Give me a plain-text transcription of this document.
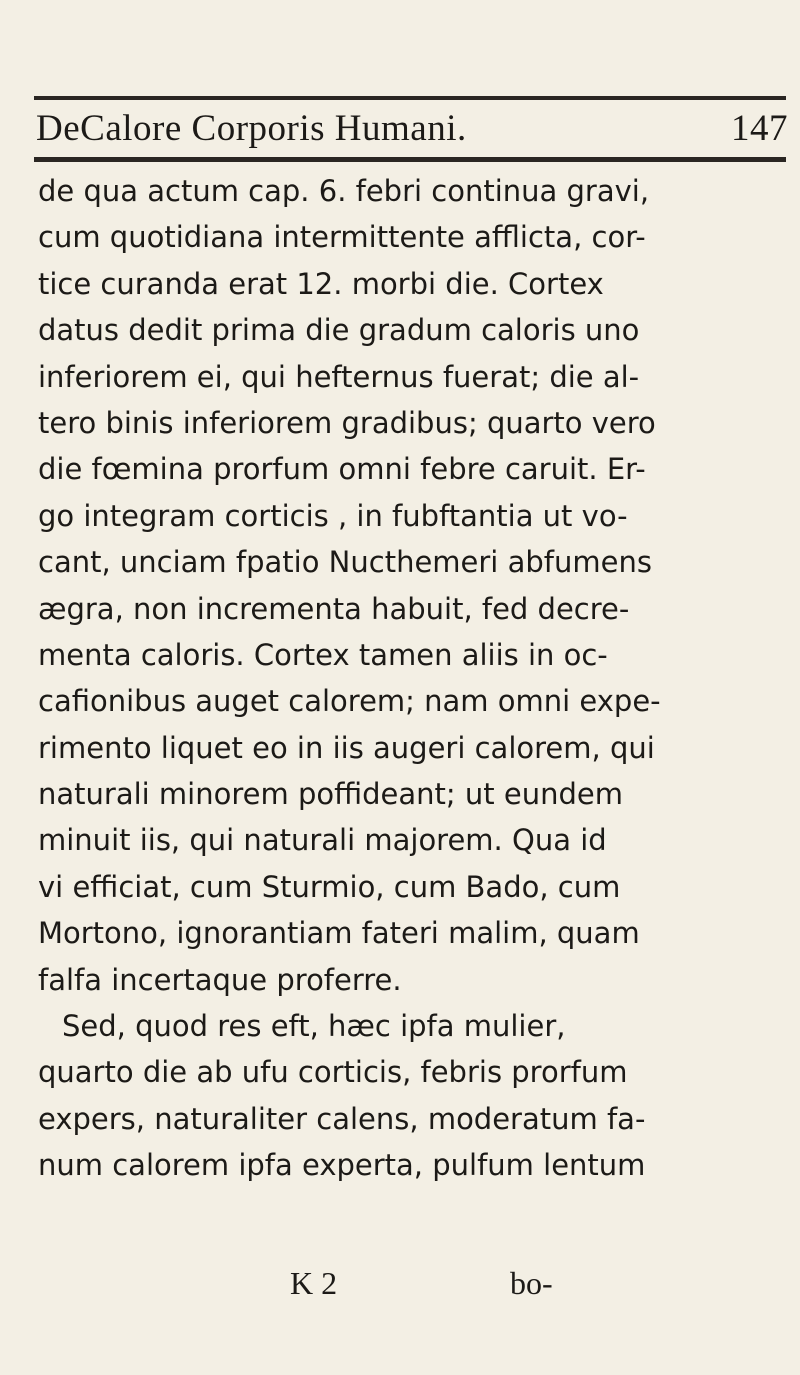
DeCalore Corporis Humani.	147
de qua actum cap. 6. febri continua gravi,
cum quotidiana intermittente afflicta, cor-
tice curanda erat 12. morbi die. Cortex
datus dedit prima die gradum caloris uno
inferiorem ei, qui hefternus fuerat; die al-
tero binis inferiorem gradibus; quarto vero
die fœmina prorfum omni febre caruit. Er-
go integram corticis , in fubftantia ut vo-
cant, unciam fpatio Nucthemeri abfumens
ægra, non incrementa habuit, fed decre-
menta caloris. Cortex tamen aliis in oc-
cafionibus auget calorem; nam omni expe-
rimento liquet eo in iis augeri calorem, qui
naturali minorem poffideant; ut eundem
minuit iis, qui naturali majorem. Qua id
vi efficiat, cum Sturmio, cum Bado, cum
Mortono, ignorantiam fateri malim, quam
falfa incertaque proferre.
Sed, quod res eft, hæc ipfa mulier,
quarto die ab ufu corticis, febris prorfum
expers, naturaliter calens, moderatum fa-
num calorem ipfa experta, pulfum lentum
K 2	bo-
